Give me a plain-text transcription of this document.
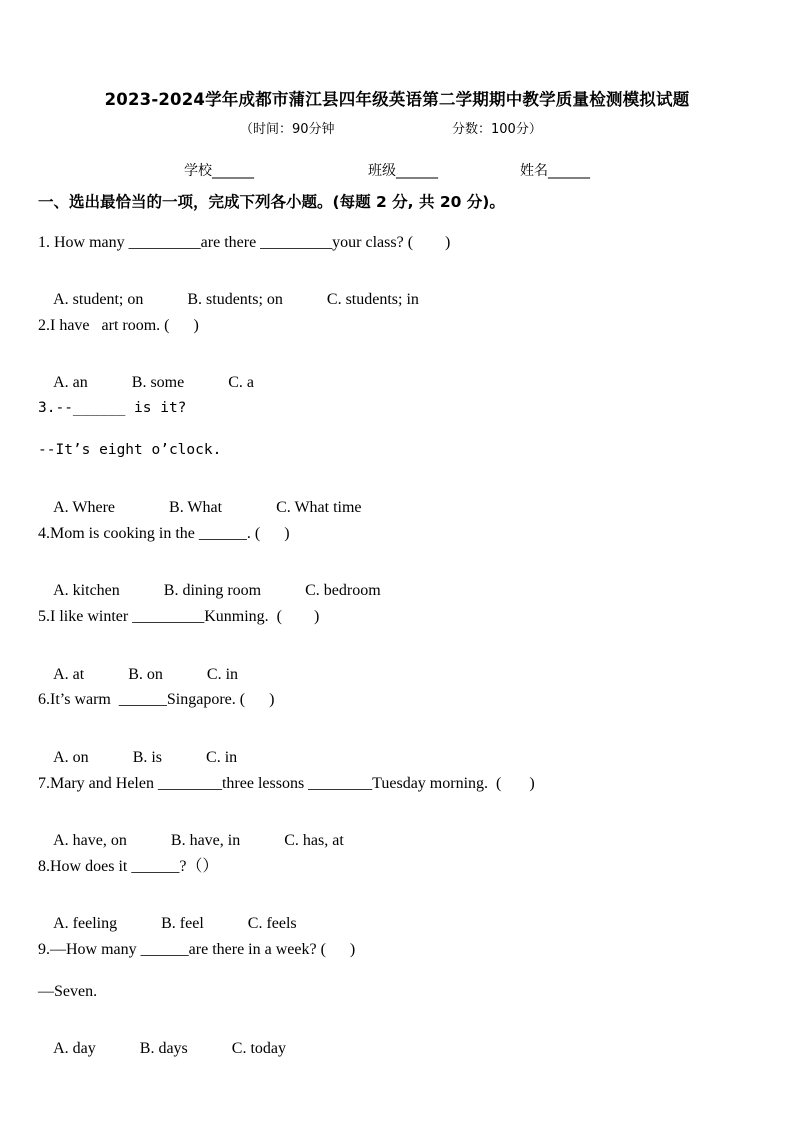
2023-2024学年成都市蒲江县四年级英语第二学期期中教学质量检测模拟试题
（时间：90分钟	分数：100分）
学校______	班级______	姓名______
一、选出最恰当的一项，完成下列各小题。(每题 2 分, 共 20 分)。
1. How many _________are there _________your class? (        )

A. student; on	B. students; on	C. students; in

2.I have   art room. (      )

A. an	B. some	C. a

3.--______ is it?
--It’s eight o’clock.

A. Where	B. What	C. What time

4.Mom is cooking in the ______. (      )

A. kitchen	B. dining room	C. bedroom

5.I like winter _________Kunming.  (        )

A. at	B. on	C. in

6.It’s warm  ______Singapore. (      )

A. on	B. is	C. in

7.Mary and Helen ________three lessons ________Tuesday morning.  (       )

A. have, on	B. have, in	C. has, at

8.How does it ______?（）

A. feeling	B. feel	C. feels

9.—How many ______are there in a week? (      )
—Seven.

A. day	B. days	C. today
